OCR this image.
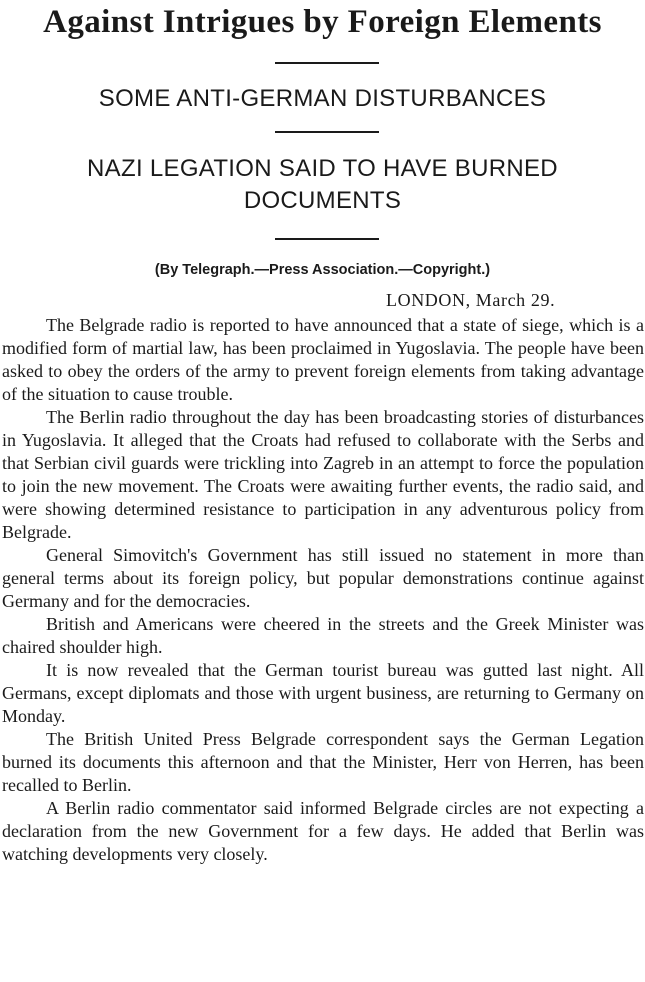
Against Intrigues by Foreign Elements
SOME ANTI-GERMAN DISTURBANCES
NAZI LEGATION SAID TO HAVE BURNED DOCUMENTS
(By Telegraph.—Press Association.—Copyright.)
LONDON, March 29.

The Belgrade radio is reported to have announced that a state of siege, which is a modified form of martial law, has been proclaimed in Yugoslavia. The people have been asked to obey the orders of the army to prevent foreign elements from taking advantage of the situation to cause trouble.

The Berlin radio throughout the day has been broadcasting stories of disturbances in Yugoslavia. It alleged that the Croats had refused to collaborate with the Serbs and that Serbian civil guards were trickling into Zagreb in an attempt to force the population to join the new movement. The Croats were awaiting further events, the radio said, and were showing determined resistance to participation in any adventurous policy from Belgrade.

General Simovitch's Government has still issued no statement in more than general terms about its foreign policy, but popular demonstrations continue against Germany and for the democracies.

British and Americans were cheered in the streets and the Greek Minister was chaired shoulder high.

It is now revealed that the German tourist bureau was gutted last night. All Germans, except diplomats and those with urgent business, are returning to Germany on Monday.

The British United Press Belgrade correspondent says the German Legation burned its documents this afternoon and that the Minister, Herr von Herren, has been recalled to Berlin.

A Berlin radio commentator said informed Belgrade circles are not expecting a declaration from the new Government for a few days. He added that Berlin was watching developments very closely.
